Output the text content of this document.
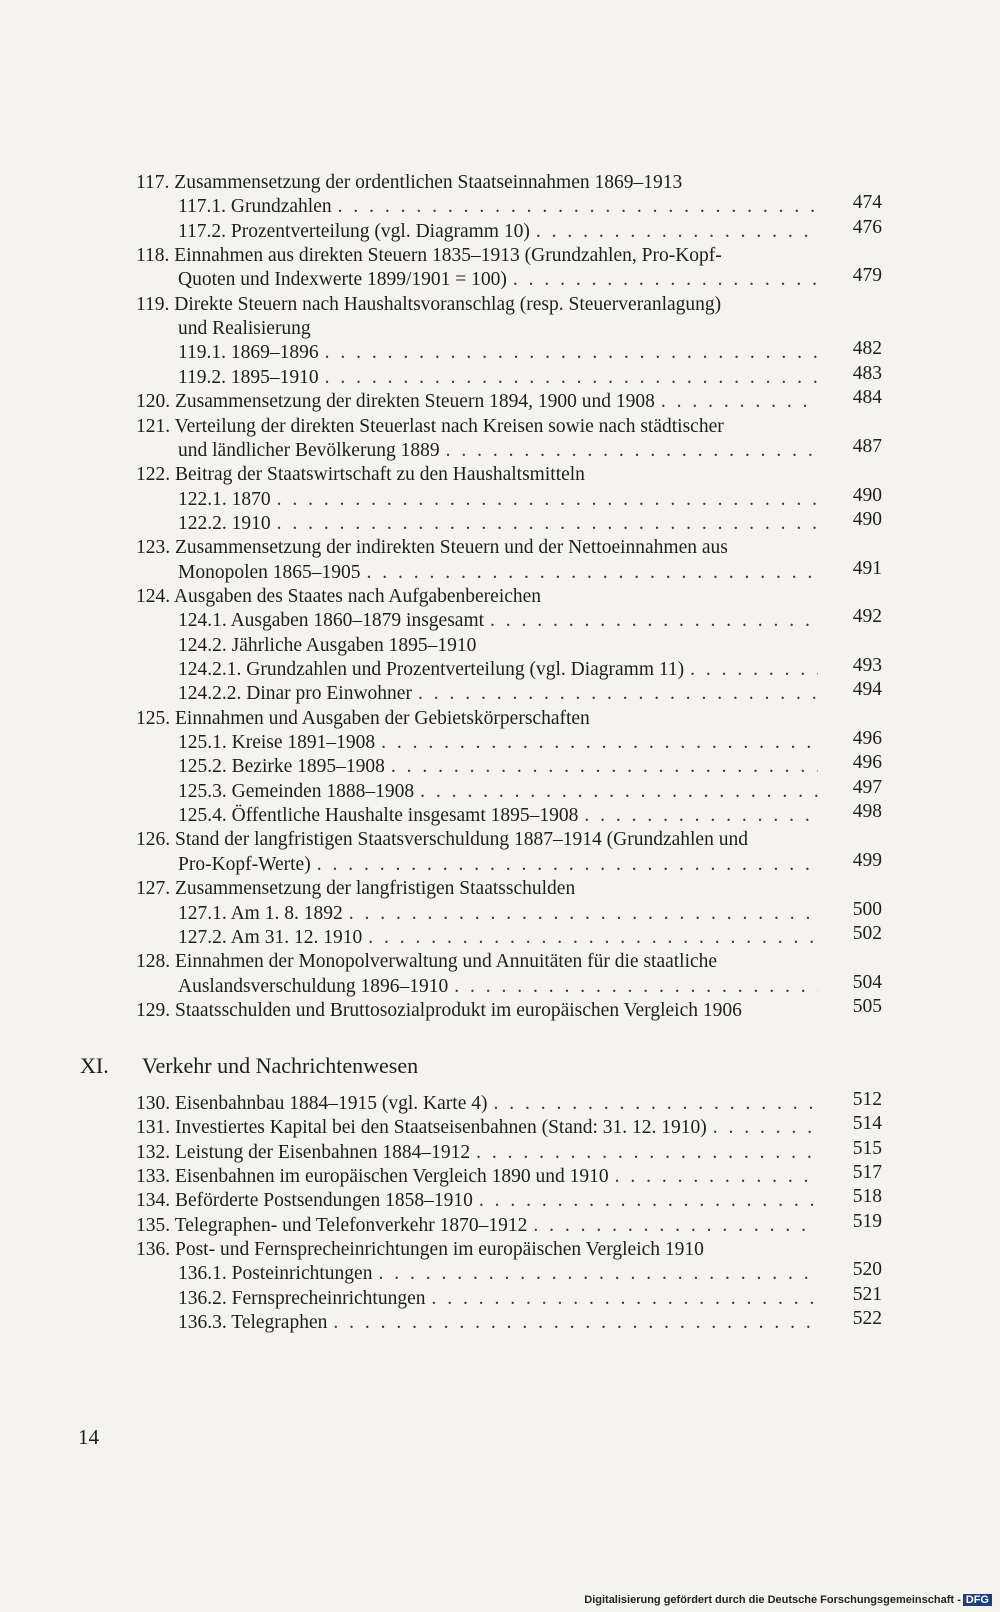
117. Zusammensetzung der ordentlichen Staatseinnahmen 1869–1913
117.1. Grundzahlen . . .	474
117.2. Prozentverteilung (vgl. Diagramm 10) . . .	476
118. Einnahmen aus direkten Steuern 1835–1913 (Grundzahlen, Pro-Kopf-
Quoten und Indexwerte 1899/1901 = 100) . . .	479
119. Direkte Steuern nach Haushaltsvoranschlag (resp. Steuerveranlagung)
und Realisierung
119.1. 1869–1896 . . .	482
119.2. 1895–1910 . . .	483
120. Zusammensetzung der direkten Steuern 1894, 1900 und 1908 . . .	484
121. Verteilung der direkten Steuerlast nach Kreisen sowie nach städtischer
und ländlicher Bevölkerung 1889 . . .	487
122. Beitrag der Staatswirtschaft zu den Haushaltsmitteln
122.1. 1870 . . .	490
122.2. 1910 . . .	490
123. Zusammensetzung der indirekten Steuern und der Nettoeinnahmen aus
Monopolen 1865–1905 . . .	491
124. Ausgaben des Staates nach Aufgabenbereichen
124.1. Ausgaben 1860–1879 insgesamt . . .	492
124.2. Jährliche Ausgaben 1895–1910
124.2.1. Grundzahlen und Prozentverteilung (vgl. Diagramm 11) . . .	493
124.2.2. Dinar pro Einwohner . . .	494
125. Einnahmen und Ausgaben der Gebietskörperschaften
125.1. Kreise 1891–1908 . . .	496
125.2. Bezirke 1895–1908 . . .	496
125.3. Gemeinden 1888–1908 . . .	497
125.4. Öffentliche Haushalte insgesamt 1895–1908 . . .	498
126. Stand der langfristigen Staatsverschuldung 1887–1914 (Grundzahlen und
Pro-Kopf-Werte) . . .	499
127. Zusammensetzung der langfristigen Staatsschulden
127.1. Am 1. 8. 1892 . . .	500
127.2. Am 31. 12. 1910 . . .	502
128. Einnahmen der Monopolverwaltung und Annuitäten für die staatliche
Auslandsverschuldung 1896–1910 . . .	504
129. Staatsschulden und Bruttosozialprodukt im europäischen Vergleich 1906	505
130. Eisenbahnbau 1884–1915 (vgl. Karte 4) . . .	512
131. Investiertes Kapital bei den Staatseisenbahnen (Stand: 31. 12. 1910) . . .	514
132. Leistung der Eisenbahnen 1884–1912 . . .	515
133. Eisenbahnen im europäischen Vergleich 1890 und 1910 . . .	517
134. Beförderte Postsendungen 1858–1910 . . .	518
135. Telegraphen- und Telefonverkehr 1870–1912 . . .	519
136. Post- und Fernsprecheinrichtungen im europäischen Vergleich 1910
136.1. Posteinrichtungen . . .	520
136.2. Fernsprecheinrichtungen . . .	521
136.3. Telegraphen . . .	522
XI. Verkehr und Nachrichtenwesen
14
Digitalisierung gefördert durch die Deutsche Forschungsgemeinschaft - DFG
